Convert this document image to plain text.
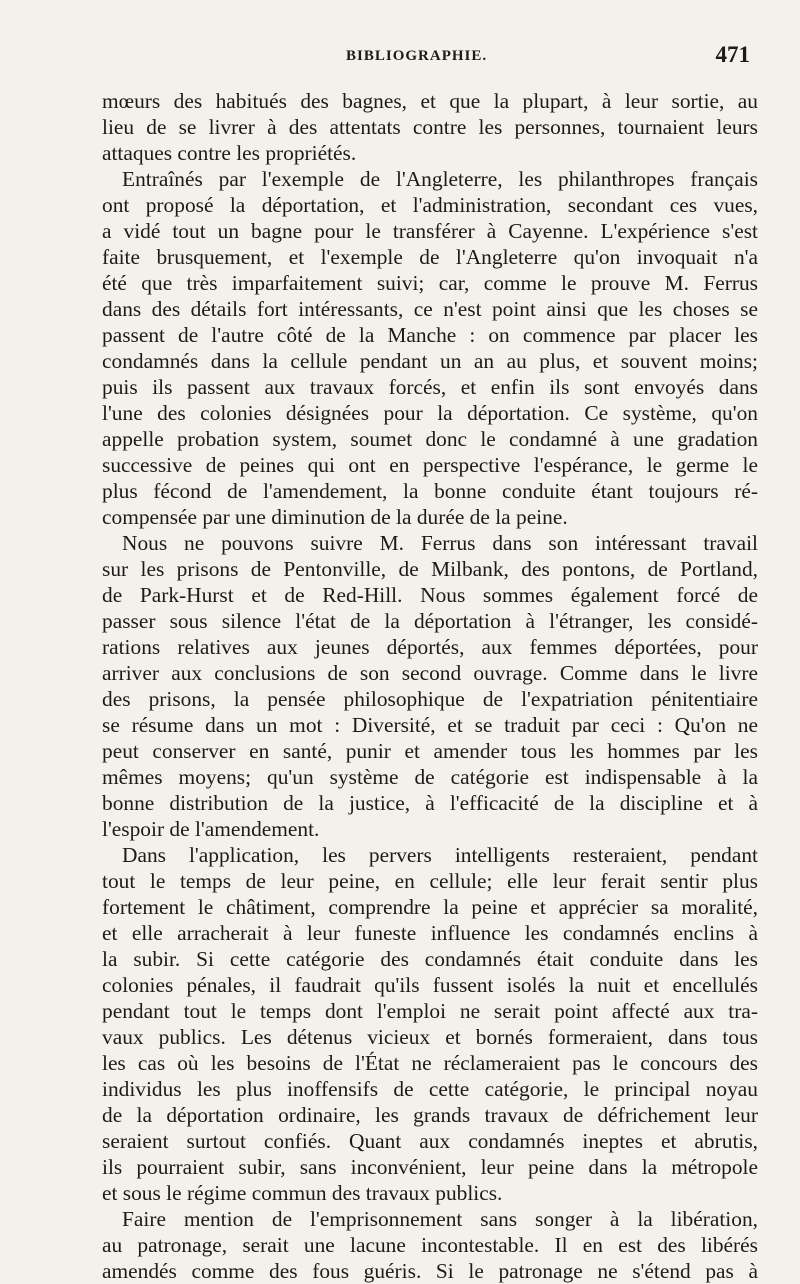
BIBLIOGRAPHIE.	471
mœurs des habitués des bagnes, et que la plupart, à leur sortie, au
lieu de se livrer à des attentats contre les personnes, tournaient leurs
attaques contre les propriétés.
Entraînés par l'exemple de l'Angleterre, les philanthropes français
ont proposé la déportation, et l'administration, secondant ces vues,
a vidé tout un bagne pour le transférer à Cayenne. L'expérience s'est
faite brusquement, et l'exemple de l'Angleterre qu'on invoquait n'a
été que très imparfaitement suivi; car, comme le prouve M. Ferrus
dans des détails fort intéressants, ce n'est point ainsi que les choses se
passent de l'autre côté de la Manche : on commence par placer les
condamnés dans la cellule pendant un an au plus, et souvent moins;
puis ils passent aux travaux forcés, et enfin ils sont envoyés dans
l'une des colonies désignées pour la déportation. Ce système, qu'on
appelle probation system, soumet donc le condamné à une gradation
successive de peines qui ont en perspective l'espérance, le germe le
plus fécond de l'amendement, la bonne conduite étant toujours ré-
compensée par une diminution de la durée de la peine.
Nous ne pouvons suivre M. Ferrus dans son intéressant travail
sur les prisons de Pentonville, de Milbank, des pontons, de Portland,
de Park-Hurst et de Red-Hill. Nous sommes également forcé de
passer sous silence l'état de la déportation à l'étranger, les considé-
rations relatives aux jeunes déportés, aux femmes déportées, pour
arriver aux conclusions de son second ouvrage. Comme dans le livre
des prisons, la pensée philosophique de l'expatriation pénitentiaire
se résume dans un mot : Diversité, et se traduit par ceci : Qu'on ne
peut conserver en santé, punir et amender tous les hommes par les
mêmes moyens; qu'un système de catégorie est indispensable à la
bonne distribution de la justice, à l'efficacité de la discipline et à
l'espoir de l'amendement.
Dans l'application, les pervers intelligents resteraient, pendant
tout le temps de leur peine, en cellule; elle leur ferait sentir plus
fortement le châtiment, comprendre la peine et apprécier sa moralité,
et elle arracherait à leur funeste influence les condamnés enclins à
la subir. Si cette catégorie des condamnés était conduite dans les
colonies pénales, il faudrait qu'ils fussent isolés la nuit et encellulés
pendant tout le temps dont l'emploi ne serait point affecté aux tra-
vaux publics. Les détenus vicieux et bornés formeraient, dans tous
les cas où les besoins de l'État ne réclameraient pas le concours des
individus les plus inoffensifs de cette catégorie, le principal noyau
de la déportation ordinaire, les grands travaux de défrichement leur
seraient surtout confiés. Quant aux condamnés ineptes et abrutis,
ils pourraient subir, sans inconvénient, leur peine dans la métropole
et sous le régime commun des travaux publics.
Faire mention de l'emprisonnement sans songer à la libération,
au patronage, serait une lacune incontestable. Il en est des libérés
amendés comme des fous guéris. Si le patronage ne s'étend pas à
